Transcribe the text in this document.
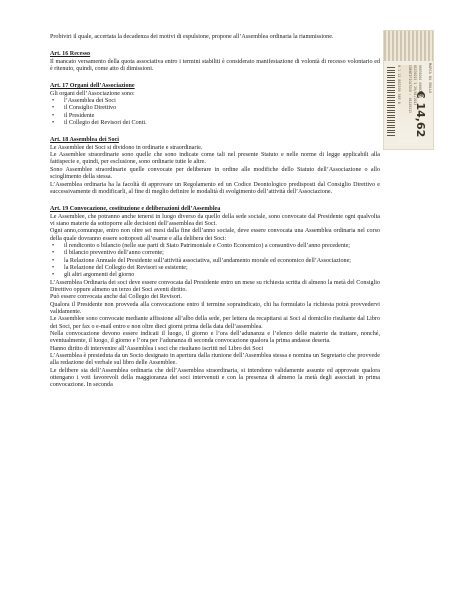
Probiviri il quale, accertata la decadenza dei motivi di espulsione, propone all’Assemblea ordinaria la riammissione.

Art. 16 Recesso

Il mancato versamento della quota associativa entro i termini stabiliti è considerato manifestazione di volontà di recesso volontario ed è ritenuto, quindi, come atto di dimissioni.

Art. 17 Organi dell’Associazione

Gli organi dell’Associazione sono:

• l’Assemblea dei Soci
• il Consiglio Direttivo
• il Presidente
• il Collegio dei Revisori dei Conti.

Art. 18 Assemblea dei Soci

Le Assemblee dei Soci si dividono in ordinarie e straordinarie.

Le Assemblee straordinarie sono quelle che sono indicate come tali nel presente Statuto e nelle norme di legge applicabili alla fattispecie e, quindi, per esclusione, sono ordinarie tutte le altre.

Sono Assemblee straordinarie quelle convocate per deliberare in ordine alle modifiche dello Statuto dell’Associazione o allo scioglimento della stessa.

L’Assemblea ordinaria ha la facoltà di approvare un Regolamento ed un Codice Deontologico predisposti dal Consiglio Direttivo e successivamente di modificarli, al fine di meglio definire le modalità di svolgimento dell’attività dell’Associazione.

Art. 19 Convocazione, costituzione e deliberazioni dell’Assemblea

Le Assemblee, che potranno anche tenersi in luogo diverso da quello della sede sociale, sono convocate dal Presidente ogni qualvolta vi siano materie da sottoporre alle decisioni dell’assemblea dei Soci.

Ogni anno,comunque, entro non oltre sei mesi dalla fine dell’anno sociale, deve essere convocata una Assemblea ordinaria nel corso della quale dovranno essere sottoposti all’esame e alla delibera dei Soci:

• il rendiconto o bilancio (nelle sue parti di Stato Patrimoniale e Conto Economico) a consuntivo dell’anno precedente;
• il bilancio preventivo dell’anno corrente;
• la Relazione Annuale del Presidente sull’attività associativa, sull’andamento morale ed economico dell’Associazione;
• la Relazione del Collegio dei Revisori se esistente;
• gli altri argomenti del giorno

L’Assemblea Ordinaria dei soci deve essere convocata dal Presidente entro un mese su richiesta scritta di almeno la metà del Consiglio Direttivo oppure almeno un terzo dei Soci aventi diritto.

Può essere convocata anche dal Collegio dei Revisori.

Qualora il Presidente non provveda alla convocazione entro il termine sopraindicato, chi ha formulato la richiesta potrà provvedervi validamente.

Le Assemblee sono convocate mediante affissione all’albo della sede, per lettera da recapitarsi ai Soci al domicilio risultante dal Libro dei Soci, per fax o e-mail entro e non oltre dieci giorni prima della data dell’assemblea.

Nella convocazione devono essere indicati il luogo, il giorno e l’ora dell’adunanza e l’elenco delle materie da trattare, nonché, eventualmente, il luogo, il giorno e l’ora per l’adunanza di seconda convocazione qualora la prima andasse deserta.

Hanno diritto di intervenire all’Assemblea i soci che risultano iscritti nel Libro dei Soci

L’Assemblea è presieduta da un Socio designato in apertura dalla riunione dell’Assemblea stessa e nomina un Segretario che provvede alla redazione del verbale sul libro delle Assemblee.

Le delibere sia dell’Assemblea ordinaria che dell’Assemblea straordinaria, si intendono validamente assunte ed approvate qualora ottengano i voti favorevoli della maggioranza dei soci intervenuti e con la presenza di almeno la metà degli associati in prima convocazione. In seconda

MARCA DA BOLLO
00030262 00007E33
01130213 1 29/01/2013
IDENTIFICATIVO : 01120213
0 1 12 002399 565 6
€ 14,62
